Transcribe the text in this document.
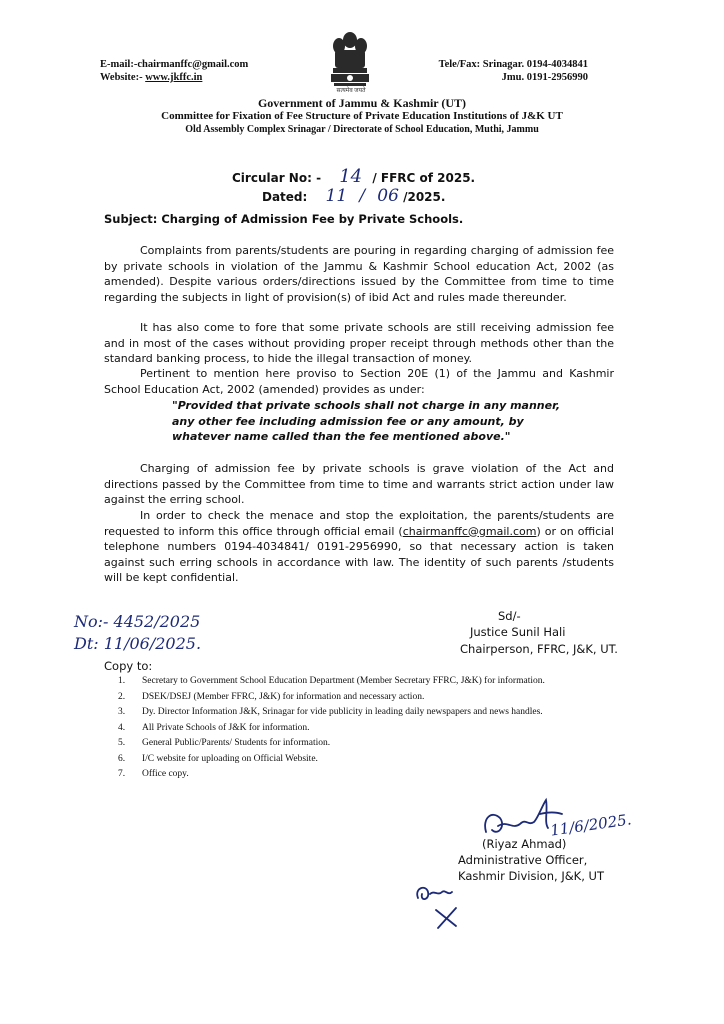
E-mail:-chairmanffc@gmail.com
Website:- www.jkffc.in
Tele/Fax: Srinagar. 0194-4034841
Jmu. 0191-2956990
सत्यमेव जयते
Government of Jammu & Kashmir (UT)
Committee for Fixation of Fee Structure of Private Education Institutions of J&K UT
Old Assembly Complex Srinagar / Directorate of School Education, Muthi, Jammu
Circular No: - 14 / FFRC of 2025.
Dated: 11 / 06 /2025.
Subject: Charging of Admission Fee by Private Schools.
Complaints from parents/students are pouring in regarding charging of admission fee by private schools in violation of the Jammu & Kashmir School education Act, 2002 (as amended). Despite various orders/directions issued by the Committee from time to time regarding the subjects in light of provision(s) of ibid Act and rules made thereunder.
It has also come to fore that some private schools are still receiving admission fee and in most of the cases without providing proper receipt through methods other than the standard banking process, to hide the illegal transaction of money.
Pertinent to mention here proviso to Section 20E (1) of the Jammu and Kashmir School Education Act, 2002 (amended) provides as under:
"Provided that private schools shall not charge in any manner, any other fee including admission fee or any amount, by whatever name called than the fee mentioned above."
Charging of admission fee by private schools is grave violation of the Act and directions passed by the Committee from time to time and warrants strict action under law against the erring school.
In order to check the menace and stop the exploitation, the parents/students are requested to inform this office through official email (chairmanffc@gmail.com) or on official telephone numbers 0194-4034841/ 0191-2956990, so that necessary action is taken against such erring schools in accordance with law. The identity of such parents /students will be kept confidential.
Sd/-
Justice Sunil Hali
Chairperson, FFRC, J&K, UT.
No:- 4452/2025
Dt: 11/06/2025.
Copy to:
1. Secretary to Government School Education Department (Member Secretary FFRC, J&K) for information.
2. DSEK/DSEJ (Member FFRC, J&K) for information and necessary action.
3. Dy. Director Information J&K, Srinagar for vide publicity in leading daily newspapers and news handles.
4. All Private Schools of J&K for information.
5. General Public/Parents/ Students for information.
6. I/C website for uploading on Official Website.
7. Office copy.
11/6/2025.
(Riyaz Ahmad)
Administrative Officer,
Kashmir Division, J&K, UT
